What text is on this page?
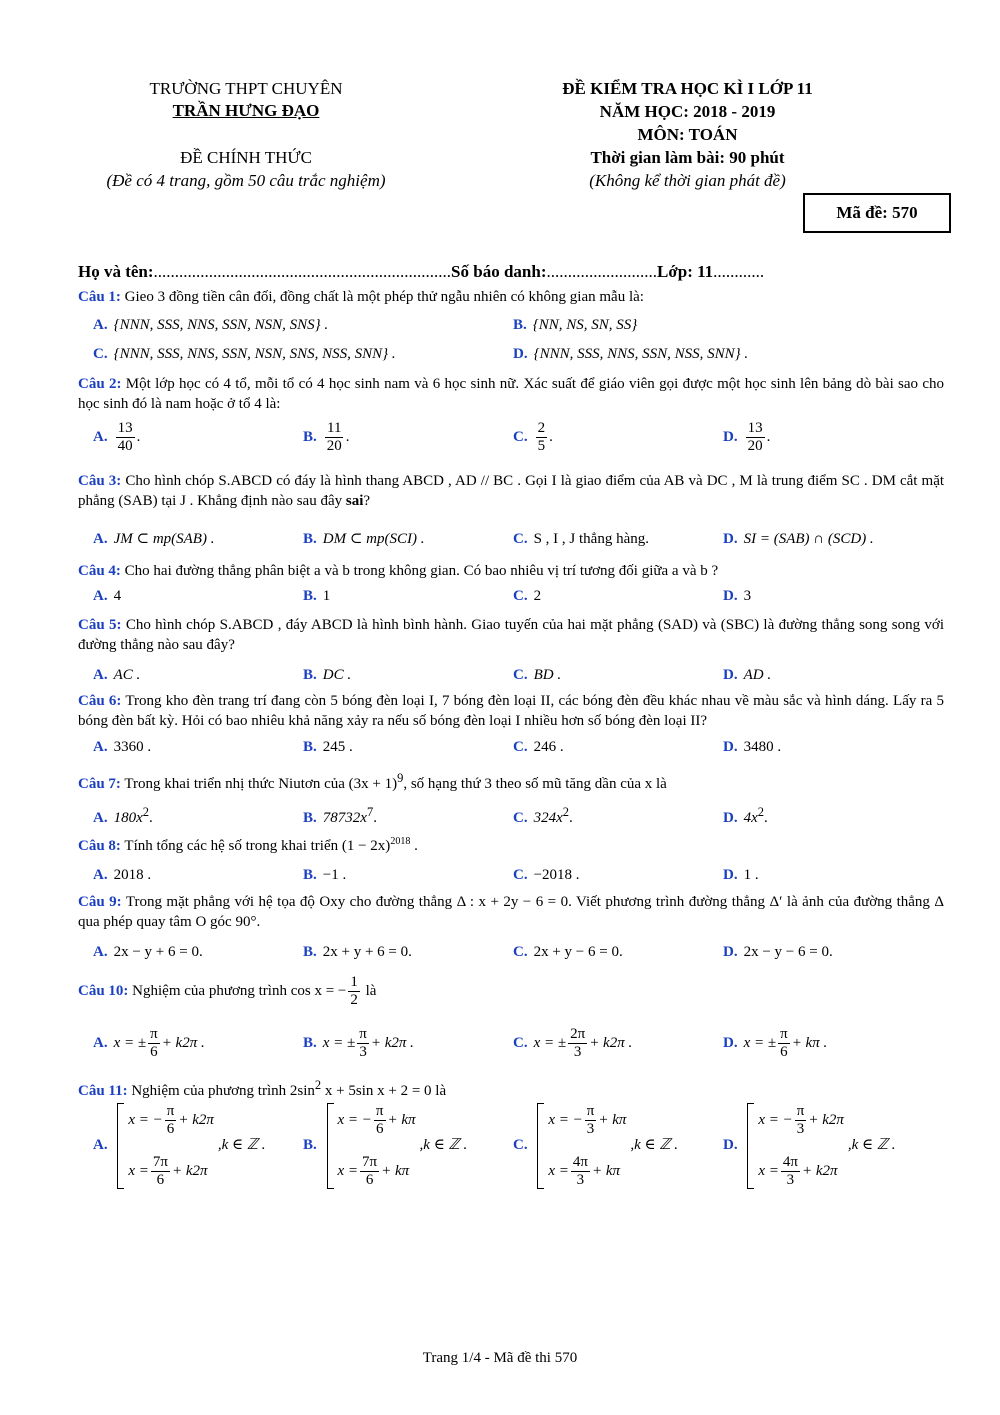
TRƯỜNG THPT CHUYÊN
TRẦN HƯNG ĐẠO
ĐỀ CHÍNH THỨC
(Đề có 4 trang, gồm 50 câu trắc nghiệm)
ĐỀ KIỂM TRA HỌC KÌ I LỚP 11
NĂM HỌC: 2018 - 2019
MÔN: TOÁN
Thời gian làm bài: 90 phút
(Không kể thời gian phát đề)
Mã đề: 570
Họ và tên:......................................................................Số báo danh:..........................Lớp: 11............
Câu 1: Gieo 3 đồng tiền cân đối, đồng chất là một phép thử ngẫu nhiên có không gian mẫu là:
A. {NNN, SSS, NNS, SSN, NSN, SNS} .	B. {NN, NS, SN, SS}
C. {NNN, SSS, NNS, SSN, NSN, SNS, NSS, SNN} .	D. {NNN, SSS, NNS, SSN, NSS, SNN} .
Câu 2: Một lớp học có 4 tổ, mỗi tổ có 4 học sinh nam và 6 học sinh nữ. Xác suất để giáo viên gọi được một học sinh lên bảng dò bài sao cho học sinh đó là nam hoặc ở tổ 4 là:
A. $\frac{13}{40}$ .	B. $\frac{11}{20}$ .	C. $\frac{2}{5}$ .	D. $\frac{13}{20}$ .
Câu 3: Cho hình chóp S.ABCD có đáy là hình thang ABCD , AD // BC . Gọi I là giao điểm của AB và DC , M là trung điểm SC . DM cắt mặt phẳng (SAB) tại J . Khẳng định nào sau đây sai?
A. JM ⊂ mp(SAB) .	B. DM ⊂ mp(SCI) .	C. S , I , J thẳng hàng.	D. SI = (SAB) ∩ (SCD) .
Câu 4: Cho hai đường thẳng phân biệt a và b trong không gian. Có bao nhiêu vị trí tương đối giữa a và b ?
A. 4	B. 1	C. 2	D. 3
Câu 5: Cho hình chóp S.ABCD , đáy ABCD là hình bình hành. Giao tuyến của hai mặt phẳng (SAD) và (SBC) là đường thẳng song song với đường thẳng nào sau đây?
A. AC .	B. DC .	C. BD .	D. AD .
Câu 6: Trong kho đèn trang trí đang còn 5 bóng đèn loại I, 7 bóng đèn loại II, các bóng đèn đều khác nhau về màu sắc và hình dáng. Lấy ra 5 bóng đèn bất kỳ. Hỏi có bao nhiêu khả năng xảy ra nếu số bóng đèn loại I nhiều hơn số bóng đèn loại II?
A. 3360 .	B. 245 .	C. 246 .	D. 3480 .
Câu 7: Trong khai triển nhị thức Niutơn của $(3x + 1)^9$, số hạng thứ 3 theo số mũ tăng dần của x là
A. $180x^2$.	B. $78732x^7$.	C. $324x^2$.	D. $4x^2$.
Câu 8: Tính tổng các hệ số trong khai triển $(1 - 2x)^{2018}$ .
A. 2018 .	B. −1 .	C. −2018 .	D. 1 .
Câu 9: Trong mặt phẳng với hệ tọa độ Oxy cho đường thẳng Δ : x + 2y − 6 = 0. Viết phương trình đường thẳng Δ′ là ảnh của đường thẳng Δ qua phép quay tâm O góc 90°.
A. 2x − y + 6 = 0.	B. 2x + y + 6 = 0.	C. 2x + y − 6 = 0.	D. 2x − y − 6 = 0.
Câu 10: Nghiệm của phương trình cos x = − $\frac{1}{2}$ là
A. x = ± $\frac{\pi}{6} + k2\pi$ .	B. x = ± $\frac{\pi}{3} + k2\pi$ .	C. x = ± $\frac{2\pi}{3} + k2\pi$ .	D. x = ± $\frac{\pi}{6} + k\pi$ .
Câu 11: Nghiệm của phương trình $2\sin^2$ x + 5sin x + 2 = 0 là
A.
x = − $\frac{\pi}{6} + k2\pi$
$x = \frac{7\pi}{6} + k2\pi$
,k ∈ ℤ . B.
x = − $\frac{\pi}{6} + k\pi$
$x = \frac{7\pi}{6} + k\pi$
,k ∈ ℤ .	C.
x = − $\frac{\pi}{3} + k\pi$
$x = \frac{4\pi}{3} + k\pi$
,k ∈ ℤ .	D.
x = − $\frac{\pi}{3} + k2\pi$
$x = \frac{4\pi}{3} + k2\pi$
,k ∈ ℤ .
Trang 1/4 - Mã đề thi 570
